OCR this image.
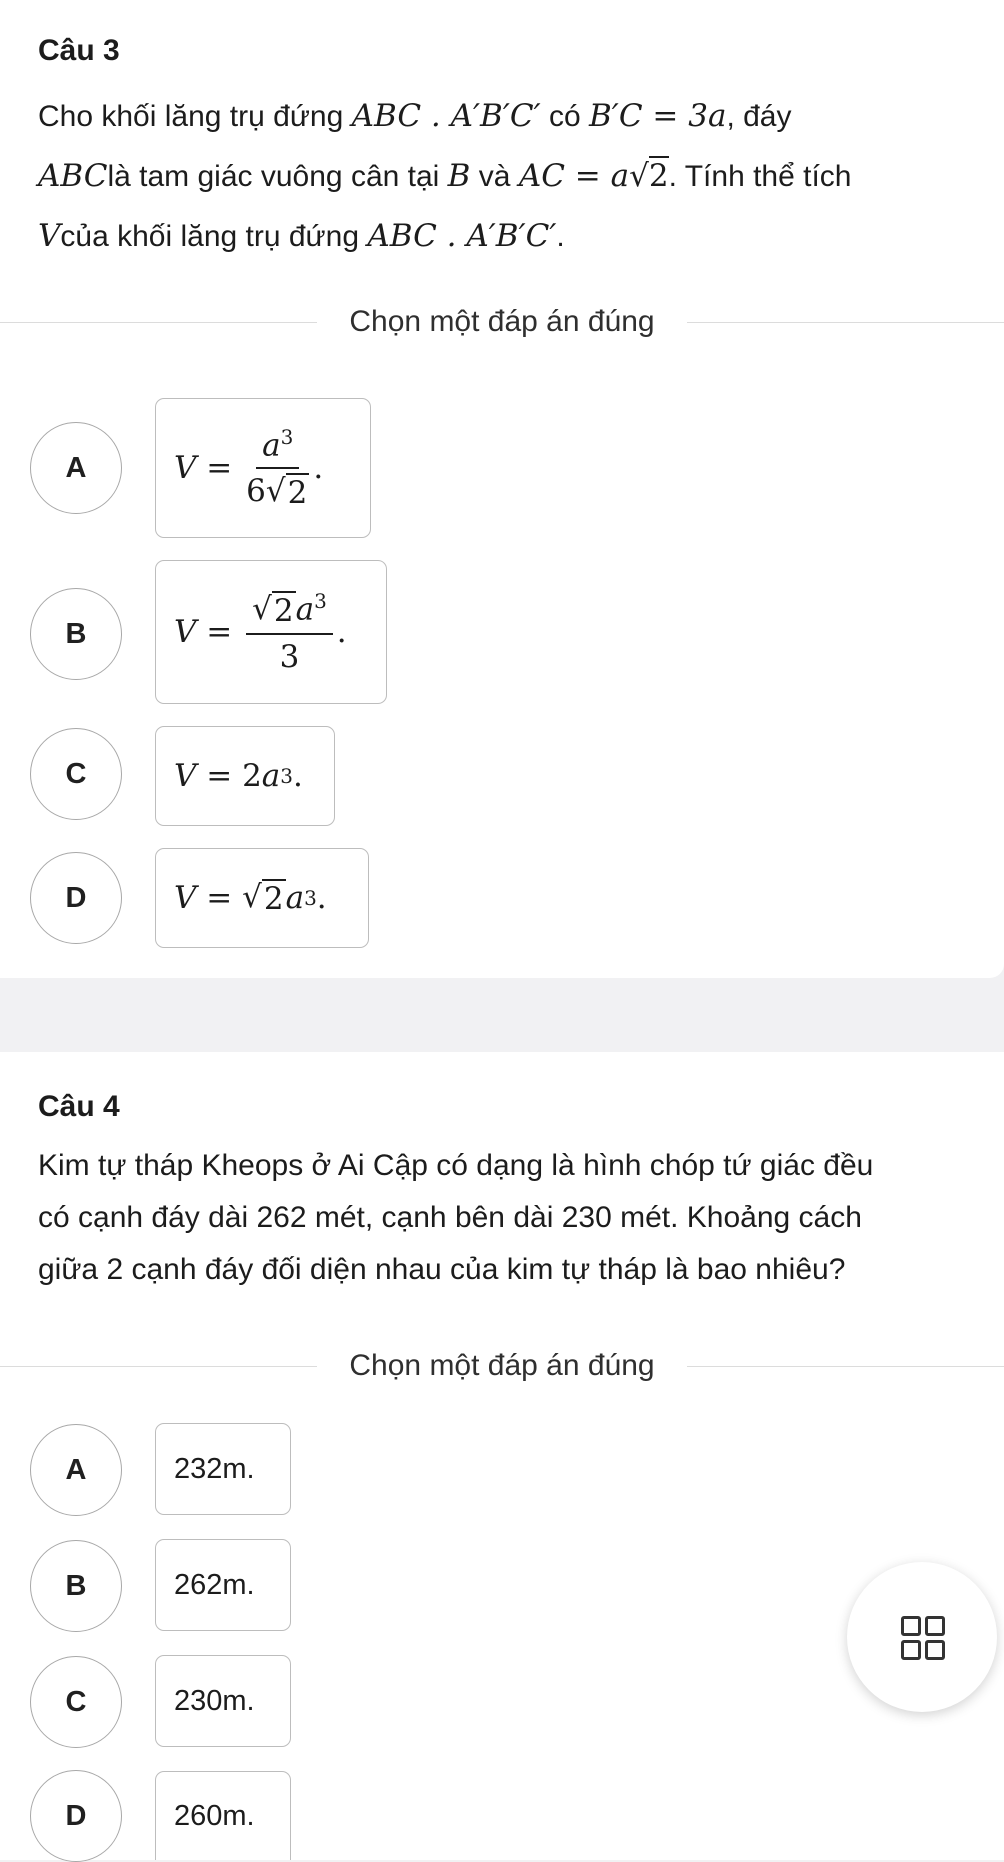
Câu 3
Cho khối lăng trụ đứng ABC . A′B′C′ có B′C = 3a, đáy
ABClà tam giác vuông cân tại B và AC = a√2. Tính thể tích
Vcủa khối lăng trụ đứng ABC . A′B′C′.
Chọn một đáp án đúng
A	$V = \frac{a^3}{6√ 2}$ .
B	$V = \frac{√ 2 a^3}{3}$ .
C	V = 2 a 3 .
D	V = √ 2 a 3 .
Câu 4
Kim tự tháp Kheops ở Ai Cập có dạng là hình chóp tứ giác đều
có cạnh đáy dài 262 mét, cạnh bên dài 230 mét. Khoảng cách
giữa 2 cạnh đáy đối diện nhau của kim tự tháp là bao nhiêu?
Chọn một đáp án đúng
A	232m.
B	262m.
C	230m.
D	260m.
